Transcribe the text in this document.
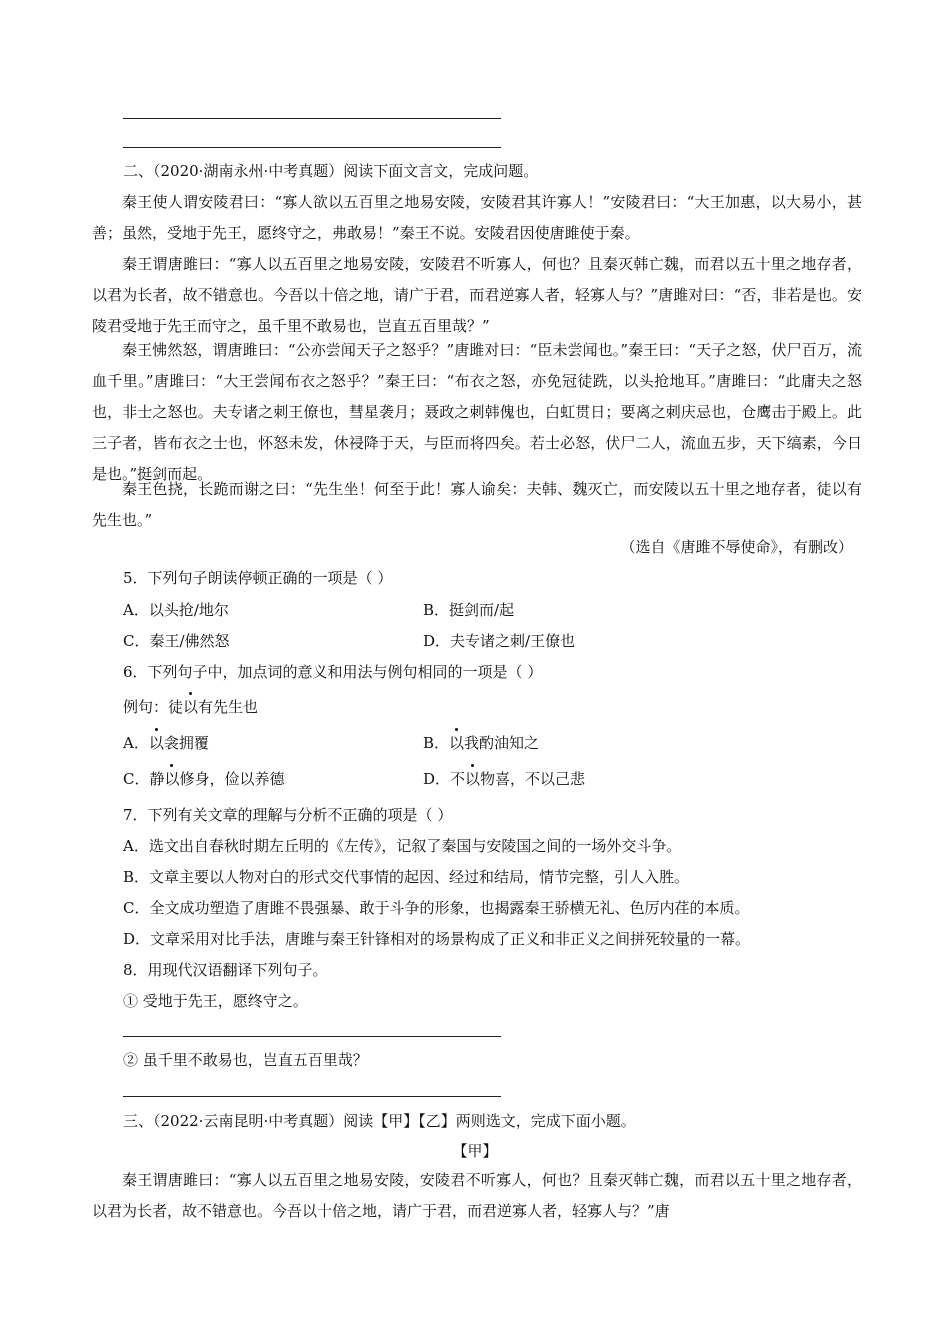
二、（2020·湖南永州·中考真题）阅读下面文言文，完成问题。
秦王使人谓安陵君曰：“寡人欲以五百里之地易安陵，安陵君其许寡人！”安陵君曰：“大王加惠，以大易小，甚善；虽然，受地于先王，愿终守之，弗敢易！”秦王不说。安陵君因使唐雎使于秦。
秦王谓唐雎曰：“寡人以五百里之地易安陵，安陵君不听寡人，何也？且秦灭韩亡魏，而君以五十里之地存者，以君为长者，故不错意也。今吾以十倍之地，请广于君，而君逆寡人者，轻寡人与？”唐雎对曰：“否，非若是也。安陵君受地于先王而守之，虽千里不敢易也，岂直五百里哉？”
秦王怫然怒，谓唐雎曰：“公亦尝闻天子之怒乎？”唐雎对曰：“臣未尝闻也。”秦王曰：“天子之怒，伏尸百万，流血千里。”唐雎曰：“大王尝闻布衣之怒乎？”秦王曰：“布衣之怒，亦免冠徒跣，以头抢地耳。”唐雎曰：“此庸夫之怒也，非士之怒也。夫专诸之刺王僚也，彗星袭月；聂政之刺韩傀也，白虹贯日；要离之刺庆忌也，仓鹰击于殿上。此三子者，皆布衣之士也，怀怒未发，休祲降于天，与臣而将四矣。若士必怒，伏尸二人，流血五步，天下缟素，今日是也。”挺剑而起。
秦王色挠，长跪而谢之曰：“先生坐！何至于此！寡人谕矣：夫韩、魏灭亡，而安陵以五十里之地存者，徒以有先生也。”
（选自《唐雎不辱使命》，有删改）
5．下列句子朗读停顿正确的一项是（ ）
A．以头抢/地尔	B．挺剑而/起
C．秦王/佛然怒	D．夫专诸之刺/王僚也
6．下列句子中，加点词的意义和用法与例句相同的一项是（ ）
例句：徒以有先生也
A．以衾拥覆	B．以我酌油知之
C．静以修身，俭以养德	D．不以物喜，不以己悲
7．下列有关文章的理解与分析不正确的项是（ ）
A．选文出自春秋时期左丘明的《左传》，记叙了秦国与安陵国之间的一场外交斗争。
B．文章主要以人物对白的形式交代事情的起因、经过和结局，情节完整，引人入胜。
C．全文成功塑造了唐雎不畏强暴、敢于斗争的形象，也揭露秦王骄横无礼、色厉内荏的本质。
D．文章采用对比手法，唐雎与秦王针锋相对的场景构成了正义和非正义之间拼死较量的一幕。
8．用现代汉语翻译下列句子。
① 受地于先王，愿终守之。
② 虽千里不敢易也，岂直五百里哉？
三、（2022·云南昆明·中考真题）阅读【甲】【乙】两则选文，完成下面小题。
【甲】
秦王谓唐雎曰：“寡人以五百里之地易安陵，安陵君不听寡人，何也？且秦灭韩亡魏，而君以五十里之地存者，以君为长者，故不错意也。今吾以十倍之地，请广于君，而君逆寡人者，轻寡人与？”唐
